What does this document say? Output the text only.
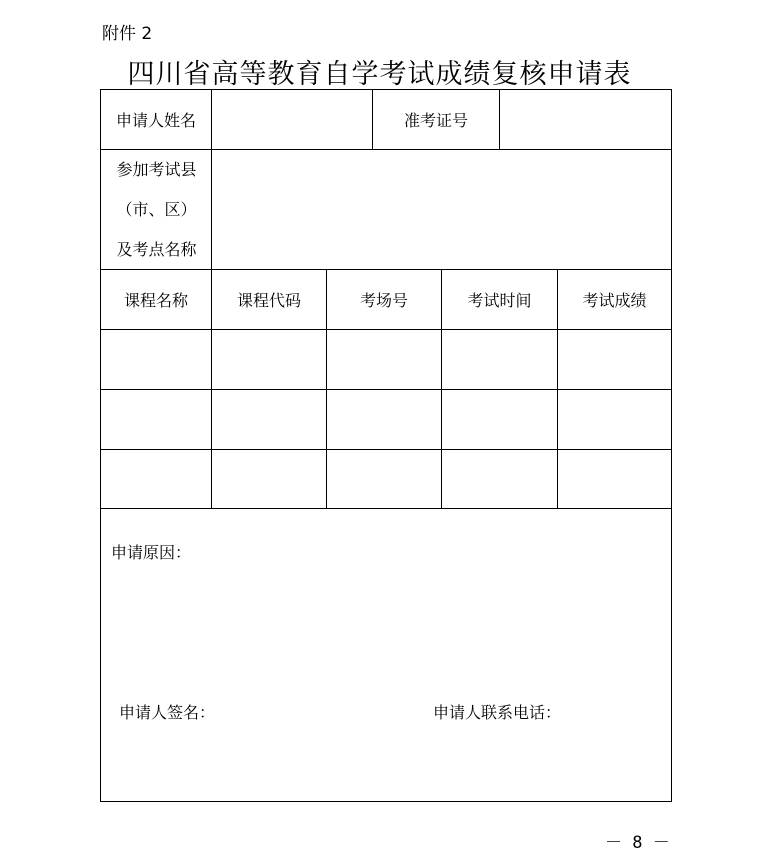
附件 2
四川省高等教育自学考试成绩复核申请表
申请人姓名	准考证号
参加考试县
（市、区）
及考点名称
课程名称	课程代码	考场号	考试时间	考试成绩
申请原因：
申请人签名：	申请人联系电话：
－ 8 －
